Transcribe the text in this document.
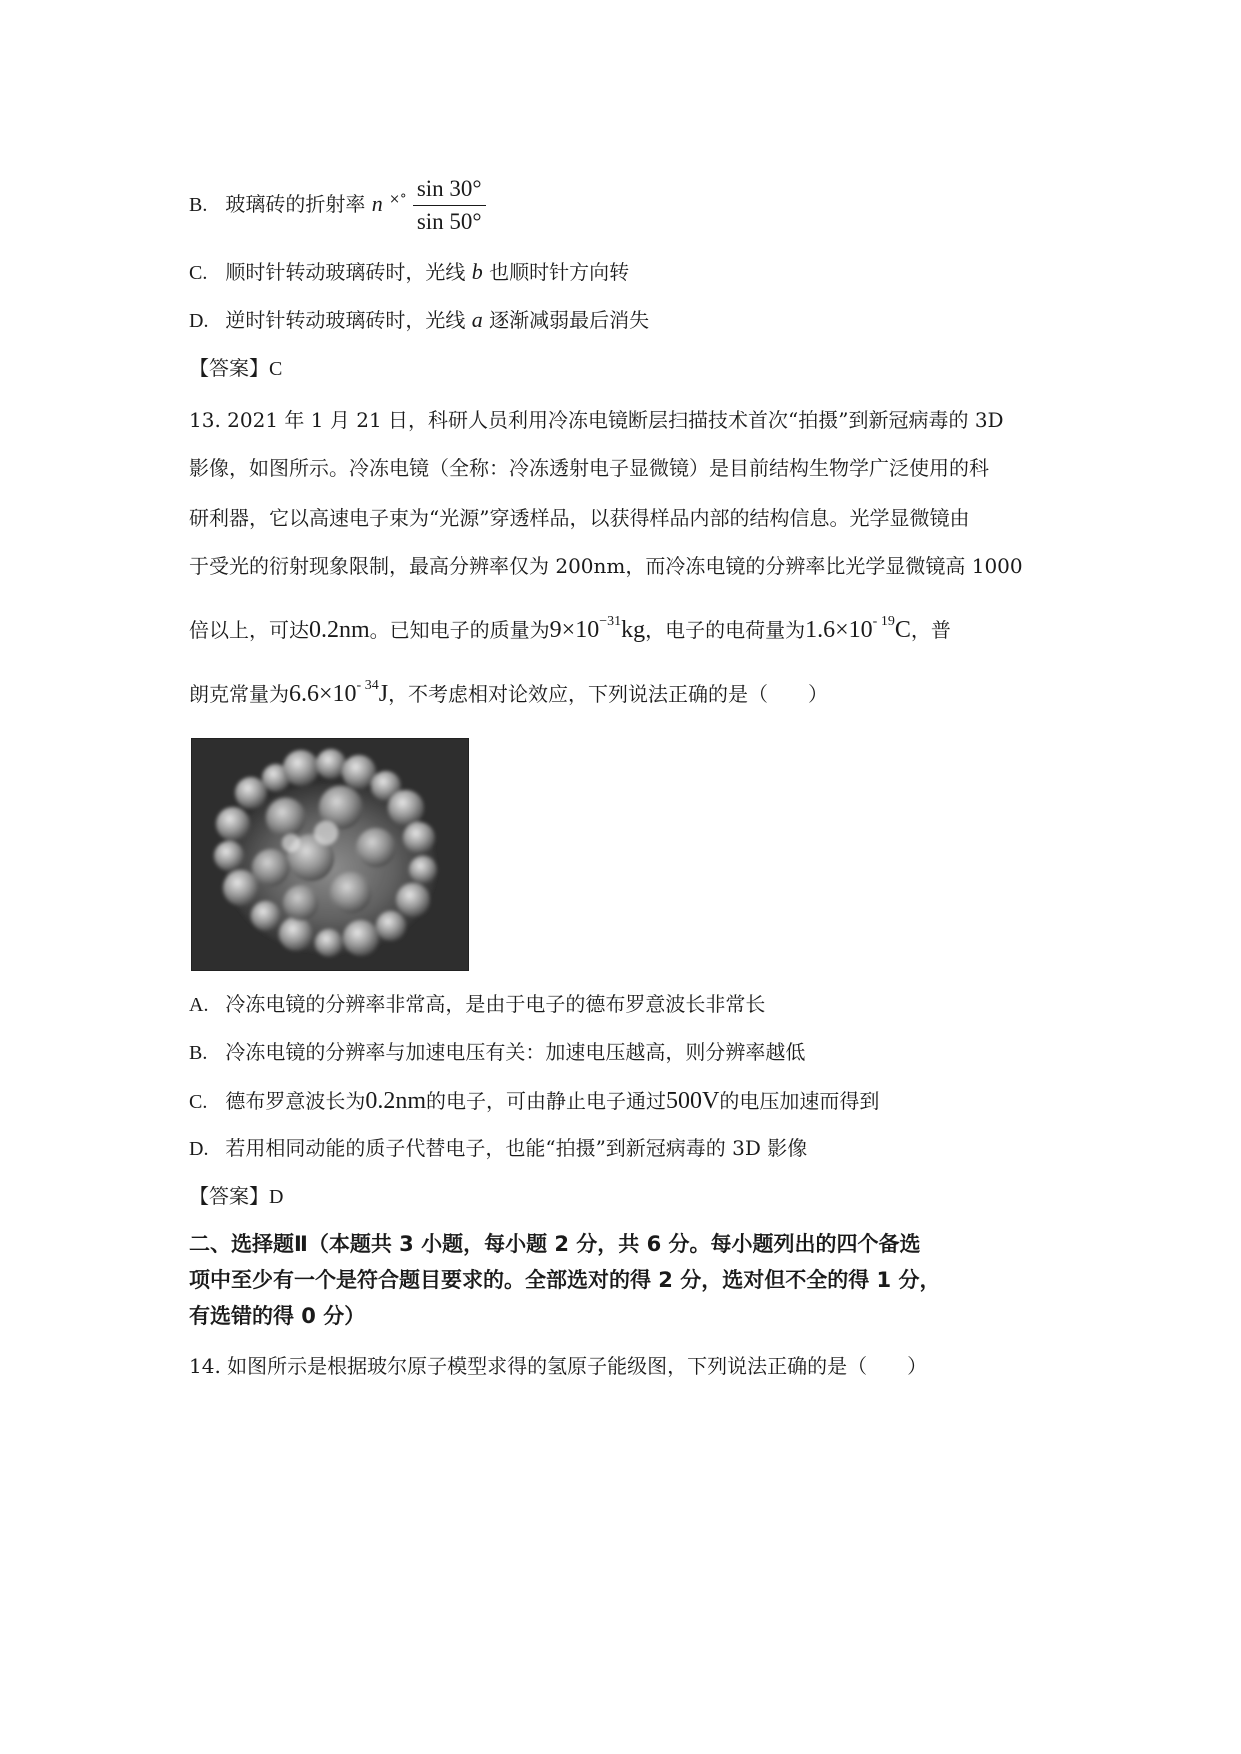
B. 玻璃砖的折射率 n $^{\times^\circ} \frac{\sin 30^\circ}{\sin 50^\circ}$
C. 顺时针转动玻璃砖时，光线 b 也顺时针方向转
D. 逆时针转动玻璃砖时，光线 a 逐渐减弱最后消失
【答案】C
13. 2021 年 1 月 21 日，科研人员利用冷冻电镜断层扫描技术首次“拍摄”到新冠病毒的 3D
影像，如图所示。冷冻电镜（全称：冷冻透射电子显微镜）是目前结构生物学广泛使用的科
研利器，它以高速电子束为“光源”穿透样品，以获得样品内部的结构信息。光学显微镜由
于受光的衍射现象限制，最高分辨率仅为 200nm，而冷冻电镜的分辨率比光学显微镜高 1000
倍以上，可达0.2nm。已知电子的质量为$9\times 10^{-31}kg$，电子的电荷量为$1.6\times 10^{- 19}C$，普
朗克常量为$6.6\times 10^{- 34}J$，不考虑相对论效应，下列说法正确的是（　　）
A. 冷冻电镜的分辨率非常高，是由于电子的德布罗意波长非常长
B. 冷冻电镜的分辨率与加速电压有关：加速电压越高，则分辨率越低
C. 德布罗意波长为0.2nm的电子，可由静止电子通过500V的电压加速而得到
D. 若用相同动能的质子代替电子，也能“拍摄”到新冠病毒的 3D 影像
【答案】D
二、选择题Ⅱ（本题共 3 小题，每小题 2 分，共 6 分。每小题列出的四个备选
项中至少有一个是符合题目要求的。全部选对的得 2 分，选对但不全的得 1 分，
有选错的得 0 分）
14. 如图所示是根据玻尔原子模型求得的氢原子能级图，下列说法正确的是（　　）
